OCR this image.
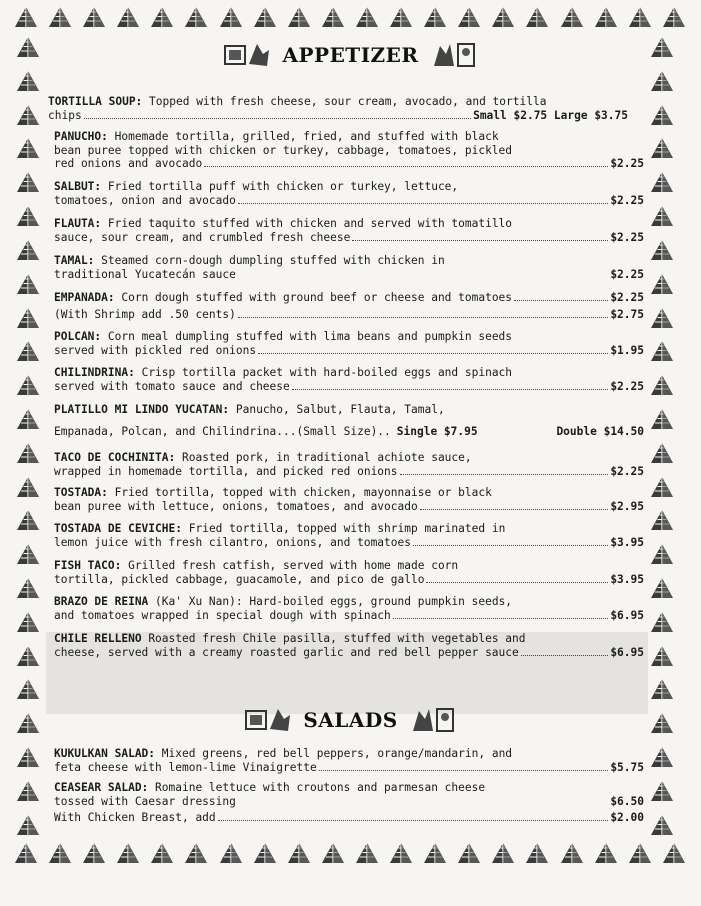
APPETIZER
TORTILLA SOUP: Topped with fresh cheese, sour cream, avocado, and tortilla
chips	Small $2.75 Large $3.75
PANUCHO: Homemade tortilla, grilled, fried, and stuffed with black
bean puree topped with chicken or turkey, cabbage, tomatoes, pickled
red onions and avocado	$2.25
SALBUT: Fried tortilla puff with chicken or turkey, lettuce,
tomatoes, onion and avocado	$2.25
FLAUTA: Fried taquito stuffed with chicken and served with tomatillo
sauce, sour cream, and crumbled fresh cheese	$2.25
TAMAL: Steamed corn-dough dumpling stuffed with chicken in
traditional Yucatecán sauce	$2.25
EMPANADA: Corn dough stuffed with ground beef or cheese and tomatoes	$2.25
(With Shrimp add .50 cents)	$2.75
POLCAN: Corn meal dumpling stuffed with lima beans and pumpkin seeds
served with pickled red onions	$1.95
CHILINDRINA: Crisp tortilla packet with hard-boiled eggs and spinach
served with tomato sauce and cheese	$2.25
PLATILLO MI LINDO YUCATAN: Panucho, Salbut, Flauta, Tamal,
Empanada, Polcan, and Chilindrina...(Small Size).. Single $7.95	Double $14.50
TACO DE COCHINITA: Roasted pork, in traditional achiote sauce,
wrapped in homemade tortilla, and picked red onions	$2.25
TOSTADA: Fried tortilla, topped with chicken, mayonnaise or black
bean puree with lettuce, onions, tomatoes, and avocado	$2.95
TOSTADA DE CEVICHE: Fried tortilla, topped with shrimp marinated in
lemon juice with fresh cilantro, onions, and tomatoes	$3.95
FISH TACO: Grilled fresh catfish, served with home made corn
tortilla, pickled cabbage, guacamole, and pico de gallo	$3.95
BRAZO DE REINA (Ka' Xu Nan): Hard-boiled eggs, ground pumpkin seeds,
and tomatoes wrapped in special dough with spinach	$6.95
CHILE RELLENO Roasted fresh Chile pasilla, stuffed with vegetables and
cheese, served with a creamy roasted garlic and red bell pepper sauce	$6.95
SALADS
KUKULKAN SALAD: Mixed greens, red bell peppers, orange/mandarin, and
feta cheese with lemon-lime Vinaigrette	$5.75
CEASEAR SALAD: Romaine lettuce with croutons and parmesan cheese
tossed with Caesar dressing	$6.50
With Chicken Breast, add	$2.00
